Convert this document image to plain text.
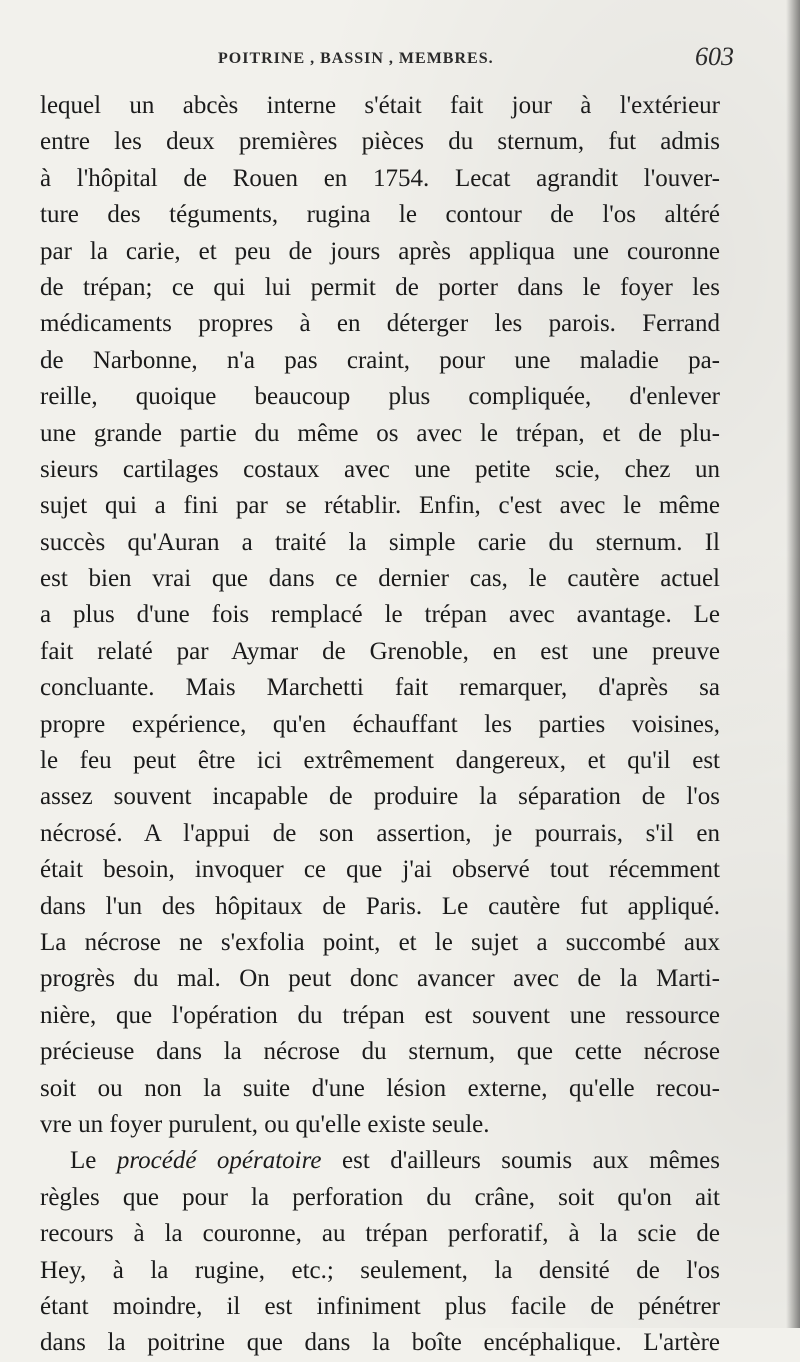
POITRINE , BASSIN , MEMBRES.	603
lequel un abcès interne s'était fait jour à l'extérieur
entre les deux premières pièces du sternum, fut admis
à l'hôpital de Rouen en 1754. Lecat agrandit l'ouver-
ture des téguments, rugina le contour de l'os altéré
par la carie, et peu de jours après appliqua une couronne
de trépan; ce qui lui permit de porter dans le foyer les
médicaments propres à en déterger les parois. Ferrand
de Narbonne, n'a pas craint, pour une maladie pa-
reille, quoique beaucoup plus compliquée, d'enlever
une grande partie du même os avec le trépan, et de plu-
sieurs cartilages costaux avec une petite scie, chez un
sujet qui a fini par se rétablir. Enfin, c'est avec le même
succès qu'Auran a traité la simple carie du sternum. Il
est bien vrai que dans ce dernier cas, le cautère actuel
a plus d'une fois remplacé le trépan avec avantage. Le
fait relaté par Aymar de Grenoble, en est une preuve
concluante. Mais Marchetti fait remarquer, d'après sa
propre expérience, qu'en échauffant les parties voisines,
le feu peut être ici extrêmement dangereux, et qu'il est
assez souvent incapable de produire la séparation de l'os
nécrosé. A l'appui de son assertion, je pourrais, s'il en
était besoin, invoquer ce que j'ai observé tout récemment
dans l'un des hôpitaux de Paris. Le cautère fut appliqué.
La nécrose ne s'exfolia point, et le sujet a succombé aux
progrès du mal. On peut donc avancer avec de la Marti-
nière, que l'opération du trépan est souvent une ressource
précieuse dans la nécrose du sternum, que cette nécrose
soit ou non la suite d'une lésion externe, qu'elle recou-
vre un foyer purulent, ou qu'elle existe seule.
Le procédé opératoire est d'ailleurs soumis aux mêmes
règles que pour la perforation du crâne, soit qu'on ait
recours à la couronne, au trépan perforatif, à la scie de
Hey, à la rugine, etc.; seulement, la densité de l'os
étant moindre, il est infiniment plus facile de pénétrer
dans la poitrine que dans la boîte encéphalique. L'artère
